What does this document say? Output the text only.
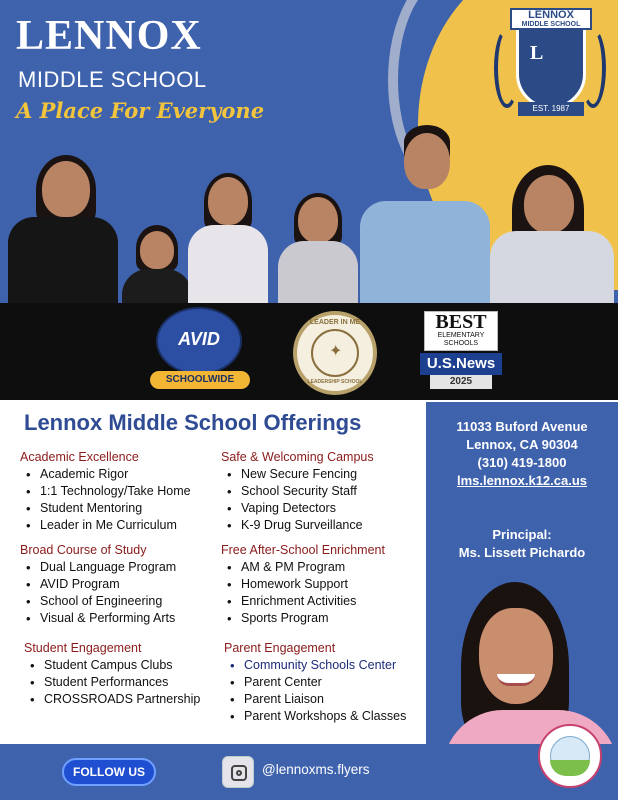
LENNOX
MIDDLE SCHOOL
A Place For Everyone
LENNOX
MIDDLE SCHOOL
L
EST. 1987
AVID
SCHOOLWIDE
LEADER IN ME
✦
LEADERSHIP SCHOOL
BEST
ELEMENTARY SCHOOLS
U.S.News
2025
Lennox Middle School Offerings
Academic Excellence
• Academic Rigor
• 1:1 Technology/Take Home
• Student Mentoring
• Leader in Me Curriculum
Safe & Welcoming Campus
• New Secure Fencing
• School Security Staff
• Vaping Detectors
• K-9 Drug Surveillance
Broad Course of Study
• Dual Language Program
• AVID Program
• School of Engineering
• Visual & Performing Arts
Free After-School Enrichment
• AM & PM Program
• Homework Support
• Enrichment Activities
• Sports Program
Student Engagement
• Student Campus Clubs
• Student Performances
• CROSSROADS Partnership
Parent Engagement
• Community Schools Center
• Parent Center
• Parent Liaison
• Parent Workshops & Classes
11033 Buford Avenue
Lennox, CA 90304
(310) 419-1800
lms.lennox.k12.ca.us
Principal:
Ms. Lissett Pichardo
FOLLOW US	@lennoxms.flyers
